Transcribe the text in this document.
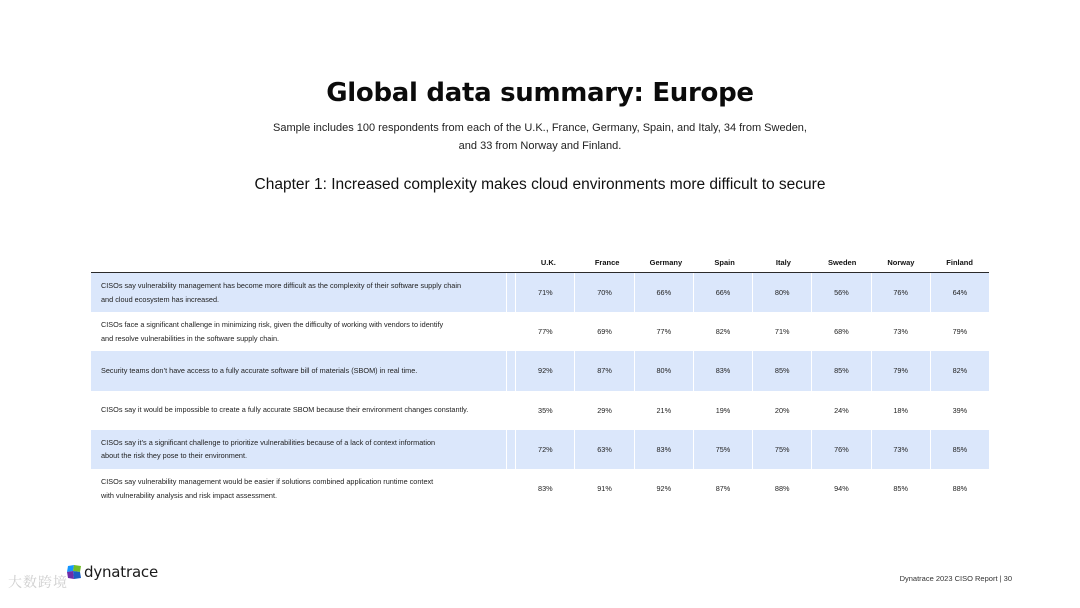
Global data summary: Europe
Sample includes 100 respondents from each of the U.K., France, Germany, Spain, and Italy, 34 from Sweden,
and 33 from Norway and Finland.
Chapter 1: Increased complexity makes cloud environments more difficult to secure
U.K.	France	Germany	Spain	Italy	Sweden	Norway	Finland
CISOs say vulnerability management has become more difficult as the complexity of their software supply chain
and cloud ecosystem has increased.
71%	70%	66%	66%	80%	56%	76%	64%
CISOs face a significant challenge in minimizing risk, given the difficulty of working with vendors to identify
and resolve vulnerabilities in the software supply chain.
77%	69%	77%	82%	71%	68%	73%	79%
Security teams don’t have access to a fully accurate software bill of materials (SBOM) in real time.	92%	87%	80%	83%	85%	85%	79%	82%
CISOs say it would be impossible to create a fully accurate SBOM because their environment changes constantly.	35%	29%	21%	19%	20%	24%	18%	39%
CISOs say it’s a significant challenge to prioritize vulnerabilities because of a lack of context information
about the risk they pose to their environment.
72%	63%	83%	75%	75%	76%	73%	85%
CISOs say vulnerability management would be easier if solutions combined application runtime context
with vulnerability analysis and risk impact assessment.
83%	91%	92%	87%	88%	94%	85%	88%
大数跨境
dynatrace	Dynatrace 2023 CISO Report | 30
